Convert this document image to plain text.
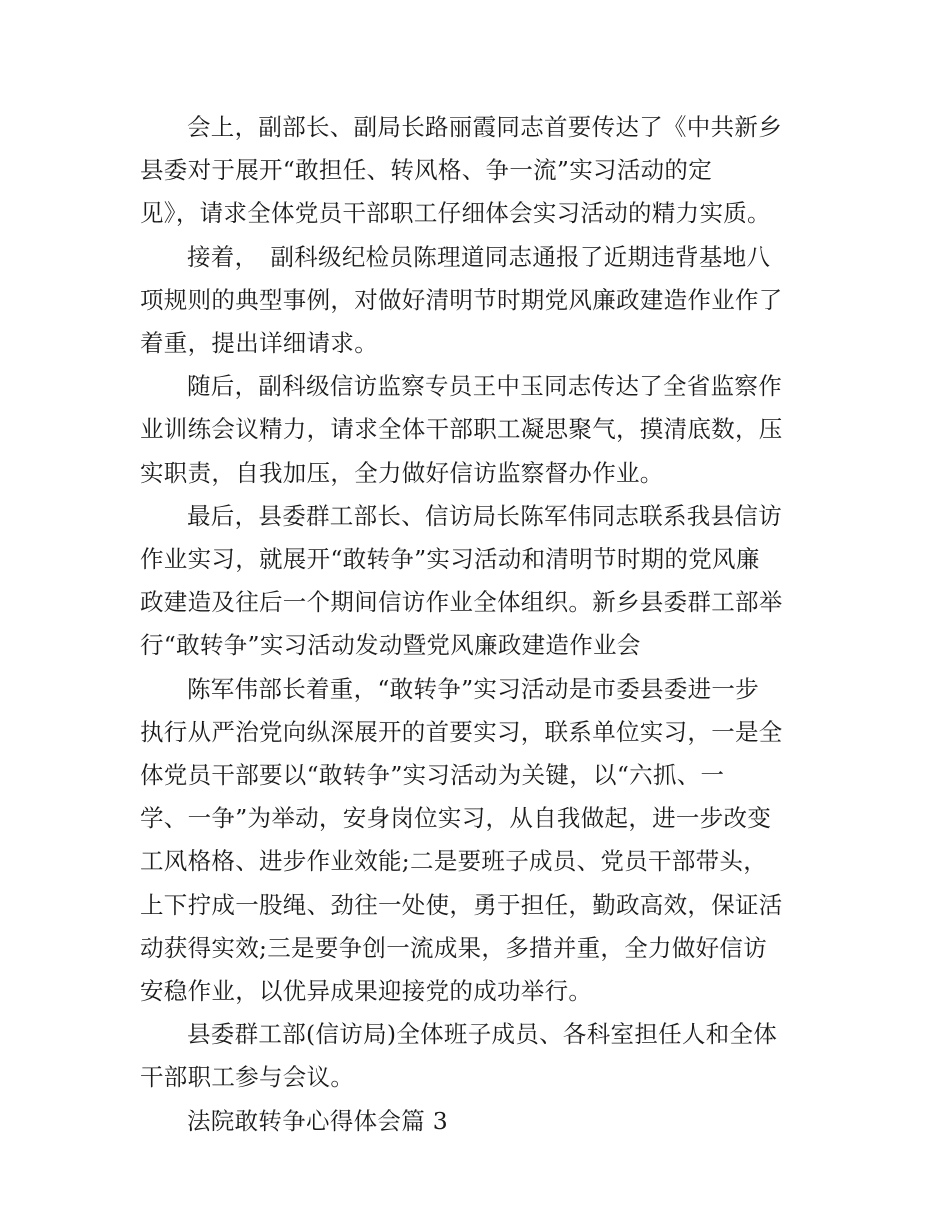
会上，副部长、副局长路丽霞同志首要传达了《中共新乡
县委对于展开“敢担任、转风格、争一流”实习活动的定
见》，请求全体党员干部职工仔细体会实习活动的精力实质。
接着，　副科级纪检员陈理道同志通报了近期违背基地八
项规则的典型事例，对做好清明节时期党风廉政建造作业作了
着重，提出详细请求。
随后，副科级信访监察专员王中玉同志传达了全省监察作
业训练会议精力，请求全体干部职工凝思聚气，摸清底数，压
实职责，自我加压，全力做好信访监察督办作业。
最后，县委群工部长、信访局长陈军伟同志联系我县信访
作业实习，就展开“敢转争”实习活动和清明节时期的党风廉
政建造及往后一个期间信访作业全体组织。新乡县委群工部举
行“敢转争”实习活动发动暨党风廉政建造作业会
陈军伟部长着重，“敢转争”实习活动是市委县委进一步
执行从严治党向纵深展开的首要实习，联系单位实习，一是全
体党员干部要以“敢转争”实习活动为关键，以“六抓、一
学、一争”为举动，安身岗位实习，从自我做起，进一步改变
工风格格、进步作业效能;二是要班子成员、党员干部带头，
上下拧成一股绳、劲往一处使，勇于担任，勤政高效，保证活
动获得实效;三是要争创一流成果，多措并重，全力做好信访
安稳作业，以优异成果迎接党的成功举行。
县委群工部(信访局)全体班子成员、各科室担任人和全体
干部职工参与会议。
法院敢转争心得体会篇 3
